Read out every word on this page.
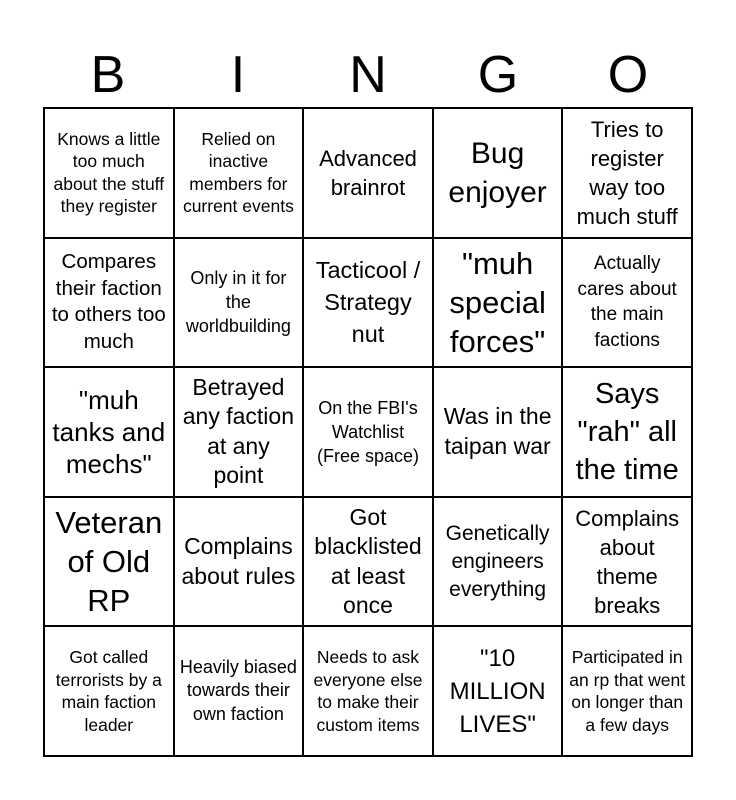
B	I	N	G	O
Knows a little too much about the stuff they register
Relied on inactive members for current events
Advanced brainrot
Bug enjoyer
Tries to register way too much stuff
Compares their faction to others too much
Only in it for the worldbuilding
Tacticool / Strategy nut
"muh special forces"
Actually cares about the main factions
"muh tanks and mechs"
Betrayed any faction at any point
On the FBI's Watchlist (Free space)
Was in the taipan war
Says "rah" all the time
Veteran of Old RP
Complains about rules
Got blacklisted at least once
Genetically engineers everything
Complains about theme breaks
Got called terrorists by a main faction leader
Heavily biased towards their own faction
Needs to ask everyone else to make their custom items
"10 MILLION LIVES"
Participated in an rp that went on longer than a few days
